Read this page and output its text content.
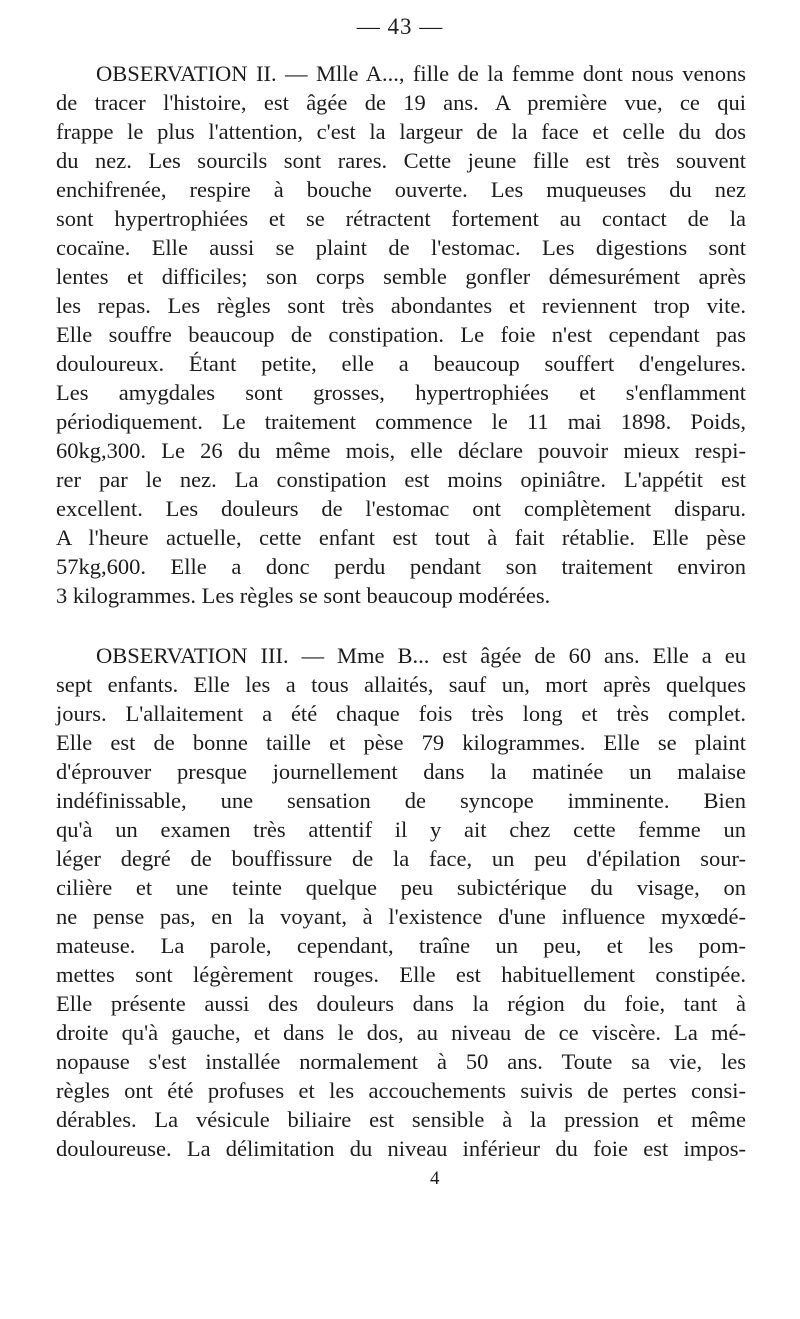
— 43 —
OBSERVATION II. — Mlle A..., fille de la femme dont nous venons
de tracer l'histoire, est âgée de 19 ans. A première vue, ce qui
frappe le plus l'attention, c'est la largeur de la face et celle du dos
du nez. Les sourcils sont rares. Cette jeune fille est très souvent
enchifrenée, respire à bouche ouverte. Les muqueuses du nez
sont hypertrophiées et se rétractent fortement au contact de la
cocaïne. Elle aussi se plaint de l'estomac. Les digestions sont
lentes et difficiles; son corps semble gonfler démesurément après
les repas. Les règles sont très abondantes et reviennent trop vite.
Elle souffre beaucoup de constipation. Le foie n'est cependant pas
douloureux. Étant petite, elle a beaucoup souffert d'engelures.
Les amygdales sont grosses, hypertrophiées et s'enflamment
périodiquement. Le traitement commence le 11 mai 1898. Poids,
60kg,300. Le 26 du même mois, elle déclare pouvoir mieux respi-
rer par le nez. La constipation est moins opiniâtre. L'appétit est
excellent. Les douleurs de l'estomac ont complètement disparu.
A l'heure actuelle, cette enfant est tout à fait rétablie. Elle pèse
57kg,600. Elle a donc perdu pendant son traitement environ
3 kilogrammes. Les règles se sont beaucoup modérées.
OBSERVATION III. — Mme B... est âgée de 60 ans. Elle a eu
sept enfants. Elle les a tous allaités, sauf un, mort après quelques
jours. L'allaitement a été chaque fois très long et très complet.
Elle est de bonne taille et pèse 79 kilogrammes. Elle se plaint
d'éprouver presque journellement dans la matinée un malaise
indéfinissable, une sensation de syncope imminente. Bien
qu'à un examen très attentif il y ait chez cette femme un
léger degré de bouffissure de la face, un peu d'épilation sour-
cilière et une teinte quelque peu subictérique du visage, on
ne pense pas, en la voyant, à l'existence d'une influence myxœdé-
mateuse. La parole, cependant, traîne un peu, et les pom-
mettes sont légèrement rouges. Elle est habituellement constipée.
Elle présente aussi des douleurs dans la région du foie, tant à
droite qu'à gauche, et dans le dos, au niveau de ce viscère. La mé-
nopause s'est installée normalement à 50 ans. Toute sa vie, les
règles ont été profuses et les accouchements suivis de pertes consi-
dérables. La vésicule biliaire est sensible à la pression et même
douloureuse. La délimitation du niveau inférieur du foie est impos-
4
